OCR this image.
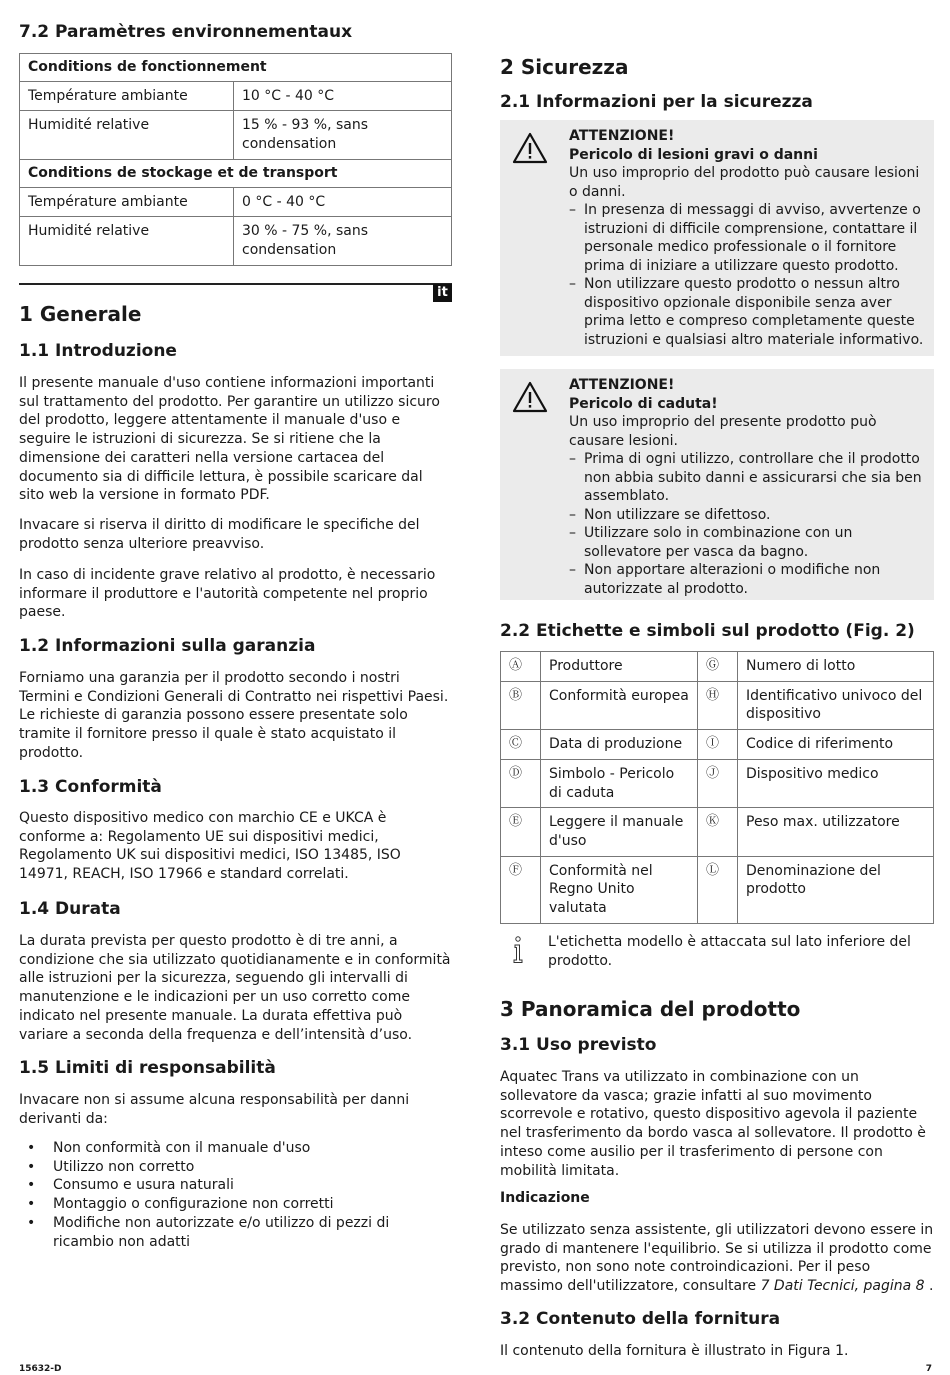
7.2 Paramètres environnementaux
Conditions de fonctionnement	
Température ambiante	10 °C - 40 °C
Humidité relative	15 % - 93 %, sans condensation
Conditions de stockage et de transport	
Température ambiante	0 °C - 40 °C
Humidité relative	30 % - 75 %, sans condensation
it
1 Generale
1.1 Introduzione
Il presente manuale d'uso contiene informazioni importanti sul trattamento del prodotto. Per garantire un utilizzo sicuro del prodotto, leggere attentamente il manuale d'uso e seguire le istruzioni di sicurezza. Se si ritiene che la dimensione dei caratteri nella versione cartacea del documento sia di difficile lettura, è possibile scaricare dal sito web la versione in formato PDF.
Invacare si riserva il diritto di modificare le specifiche del prodotto senza ulteriore preavviso.
In caso di incidente grave relativo al prodotto, è necessario informare il produttore e l'autorità competente nel proprio paese.
1.2 Informazioni sulla garanzia
Forniamo una garanzia per il prodotto secondo i nostri Termini e Condizioni Generali di Contratto nei rispettivi Paesi. Le richieste di garanzia possono essere presentate solo tramite il fornitore presso il quale è stato acquistato il prodotto.
1.3 Conformità
Questo dispositivo medico con marchio CE e UKCA è conforme a: Regolamento UE sui dispositivi medici, Regolamento UK sui dispositivi medici, ISO 13485, ISO 14971, REACH, ISO 17966 e standard correlati.
1.4 Durata
La durata prevista per questo prodotto è di tre anni, a condizione che sia utilizzato quotidianamente e in conformità alle istruzioni per la sicurezza, seguendo gli intervalli di manutenzione e le indicazioni per un uso corretto come indicato nel presente manuale. La durata effettiva può variare a seconda della frequenza e dell’intensità d’uso.
1.5 Limiti di responsabilità
Invacare non si assume alcuna responsabilità per danni derivanti da:
• Non conformità con il manuale d'uso
• Utilizzo non corretto
• Consumo e usura naturali
• Montaggio o configurazione non corretti
• Modifiche non autorizzate e/o utilizzo di pezzi di ricambio non adatti
2 Sicurezza
2.1 Informazioni per la sicurezza
ATTENZIONE!
Pericolo di lesioni gravi o danni
Un uso improprio del prodotto può causare lesioni o danni.
– In presenza di messaggi di avviso, avvertenze o istruzioni di difficile comprensione, contattare il personale medico professionale o il fornitore prima di iniziare a utilizzare questo prodotto.
– Non utilizzare questo prodotto o nessun altro dispositivo opzionale disponibile senza aver prima letto e compreso completamente queste istruzioni e qualsiasi altro materiale informativo.
ATTENZIONE!
Pericolo di caduta!
Un uso improprio del presente prodotto può causare lesioni.
– Prima di ogni utilizzo, controllare che il prodotto non abbia subito danni e assicurarsi che sia ben assemblato.
– Non utilizzare se difettoso.
– Utilizzare solo in combinazione con un sollevatore per vasca da bagno.
– Non apportare alterazioni o modifiche non autorizzate al prodotto.
2.2 Etichette e simboli sul prodotto (Fig. 2)
Ⓐ	Produttore	Ⓖ	Numero di lotto
Ⓑ	Conformità europea	Ⓗ	Identificativo univoco del dispositivo
Ⓒ	Data di produzione	Ⓘ	Codice di riferimento
Ⓓ	Simbolo - Pericolo di caduta	Ⓙ	Dispositivo medico
Ⓔ	Leggere il manuale d'uso	Ⓚ	Peso max. utilizzatore
Ⓕ	Conformità nel Regno Unito valutata	Ⓛ	Denominazione del prodotto
L'etichetta modello è attaccata sul lato inferiore del prodotto.
3 Panoramica del prodotto
3.1 Uso previsto
Aquatec Trans va utilizzato in combinazione con un sollevatore da vasca; grazie infatti al suo movimento scorrevole e rotativo, questo dispositivo agevola il paziente nel trasferimento da bordo vasca al sollevatore. Il prodotto è inteso come ausilio per il trasferimento di persone con mobilità limitata.
Indicazione
Se utilizzato senza assistente, gli utilizzatori devono essere in grado di mantenere l'equilibrio. Se si utilizza il prodotto come previsto, non sono note controindicazioni. Per il peso massimo dell'utilizzatore, consultare 7 Dati Tecnici, pagina 8 .
3.2 Contenuto della fornitura
Il contenuto della fornitura è illustrato in Figura 1.
15632-D	7
